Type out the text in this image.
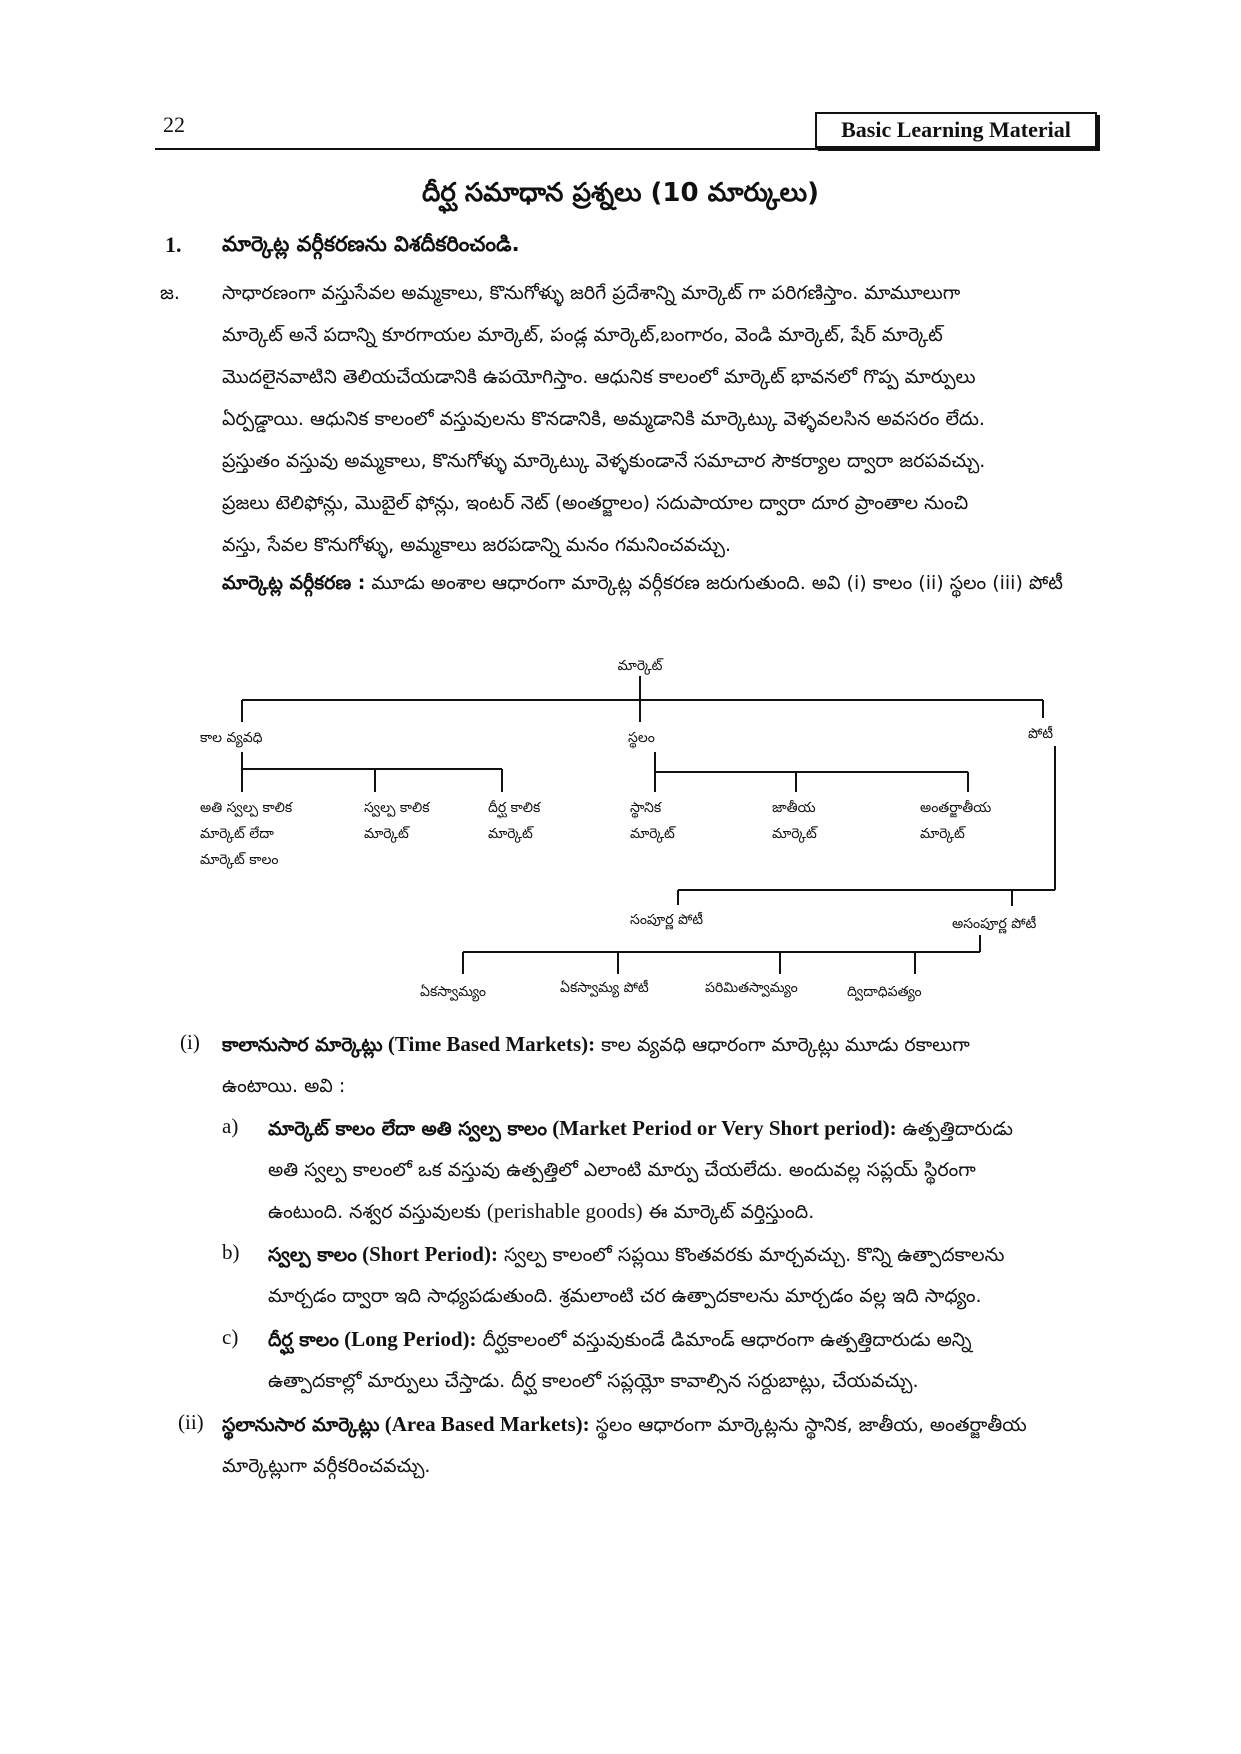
22	Basic Learning Material
దీర్ఘ సమాధాన ప్రశ్నలు (10 మార్కులు)
1. మార్కెట్ల వర్గీకరణను విశదీకరించండి.
జ. సాధారణంగా వస్తుసేవల అమ్మకాలు, కొనుగోళ్ళు జరిగే ప్రదేశాన్ని మార్కెట్ గా పరిగణిస్తాం. మామూలుగా
మార్కెట్ అనే పదాన్ని కూరగాయల మార్కెట్, పండ్ల మార్కెట్,బంగారం, వెండి మార్కెట్, షేర్ మార్కెట్
మొదలైనవాటిని తెలియచేయడానికి ఉపయోగిస్తాం. ఆధునిక కాలంలో మార్కెట్ భావనలో గొప్ప మార్పులు
ఏర్పడ్డాయి. ఆధునిక కాలంలో వస్తువులను కొనడానికి, అమ్మడానికి మార్కెట్కు వెళ్ళవలసిన అవసరం లేదు.
ప్రస్తుతం వస్తువు అమ్మకాలు, కొనుగోళ్ళు మార్కెట్కు వెళ్ళకుండానే సమాచార సౌకర్యాల ద్వారా జరపవచ్చు.
ప్రజలు టెలిఫోన్లు, మొబైల్ ఫోన్లు, ఇంటర్ నెట్ (అంతర్జాలం) సదుపాయాల ద్వారా దూర ప్రాంతాల నుంచి
వస్తు, సేవల కొనుగోళ్ళు, అమ్మకాలు జరపడాన్ని మనం గమనించవచ్చు.
మార్కెట్ల వర్గీకరణ : మూడు అంశాల ఆధారంగా మార్కెట్ల వర్గీకరణ జరుగుతుంది. అవి (i) కాలం (ii) స్థలం (iii) పోటీ
మార్కెట్
కాల వ్యవధి	స్థలం	పోటీ
అతి స్వల్ప కాలిక
మార్కెట్ లేదా
మార్కెట్ కాలం
స్వల్ప కాలిక
మార్కెట్
దీర్ఘ కాలిక
మార్కెట్
స్థానిక
మార్కెట్
జాతీయ
మార్కెట్
అంతర్జాతీయ
మార్కెట్
సంపూర్ణ పోటీ	అసంపూర్ణ పోటీ
ఏకస్వామ్యం	ఏకస్వామ్య పోటీ	పరిమితస్వామ్యం	ద్విదాధిపత్యం
(i) కాలానుసార మార్కెట్లు (Time Based Markets): కాల వ్యవధి ఆధారంగా మార్కెట్లు మూడు రకాలుగా
ఉంటాయి. అవి :
a) మార్కెట్ కాలం లేదా అతి స్వల్ప కాలం (Market Period or Very Short period): ఉత్పత్తిదారుడు
అతి స్వల్ప కాలంలో ఒక వస్తువు ఉత్పత్తిలో ఎలాంటి మార్పు చేయలేదు. అందువల్ల సప్లయ్ స్థిరంగా
ఉంటుంది. నశ్వర వస్తువులకు (perishable goods) ఈ మార్కెట్ వర్తిస్తుంది.
b) స్వల్ప కాలం (Short Period): స్వల్ప కాలంలో సప్లయి కొంతవరకు మార్చవచ్చు. కొన్ని ఉత్పాదకాలను
మార్చడం ద్వారా ఇది సాధ్యపడుతుంది. శ్రమలాంటి చర ఉత్పాదకాలను మార్చడం వల్ల ఇది సాధ్యం.
c) దీర్ఘ కాలం (Long Period): దీర్ఘకాలంలో వస్తువుకుండే డిమాండ్ ఆధారంగా ఉత్పత్తిదారుడు అన్ని
ఉత్పాదకాల్లో మార్పులు చేస్తాడు. దీర్ఘ కాలంలో సప్లయ్లో కావాల్సిన సర్దుబాట్లు, చేయవచ్చు.
(ii) స్థలానుసార మార్కెట్లు (Area Based Markets): స్థలం ఆధారంగా మార్కెట్లను స్థానిక, జాతీయ, అంతర్జాతీయ
మార్కెట్లుగా వర్గీకరించవచ్చు.
